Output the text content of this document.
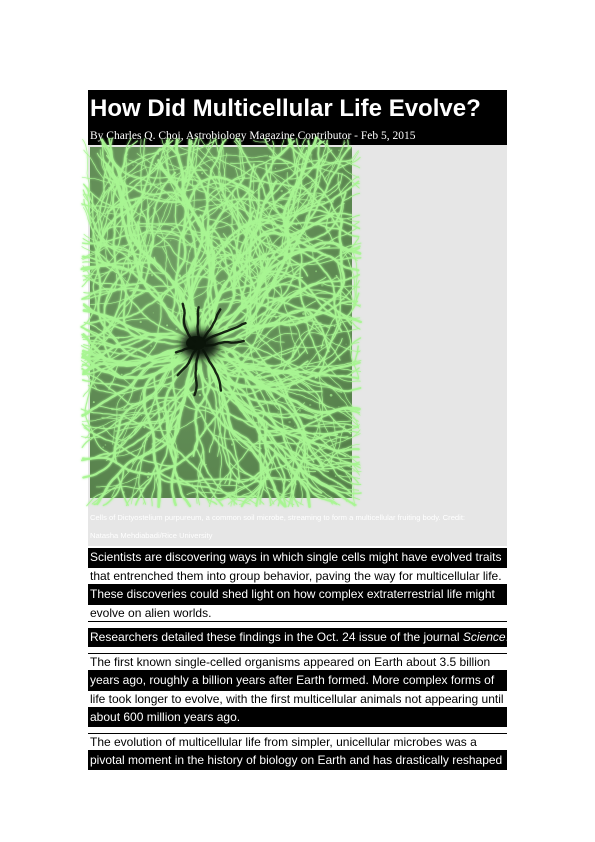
How Did Multicellular Life Evolve?
By Charles Q. Choi, Astrobiology Magazine Contributor - Feb 5, 2015
Cells of Dictyostelium purpureum, a common soil microbe, streaming to form a multicellular fruiting body. Credit:
Natasha Mehdiabadi/Rice University
Scientists are discovering ways in which single cells might have evolved traits
that entrenched them into group behavior, paving the way for multicellular life.
These discoveries could shed light on how complex extraterrestrial life might
evolve on alien worlds.
Researchers detailed these findings in the Oct. 24 issue of the journal Science.
The first known single-celled organisms appeared on Earth about 3.5 billion
years ago, roughly a billion years after Earth formed. More complex forms of
life took longer to evolve, with the first multicellular animals not appearing until
about 600 million years ago.
The evolution of multicellular life from simpler, unicellular microbes was a
pivotal moment in the history of biology on Earth and has drastically reshaped
